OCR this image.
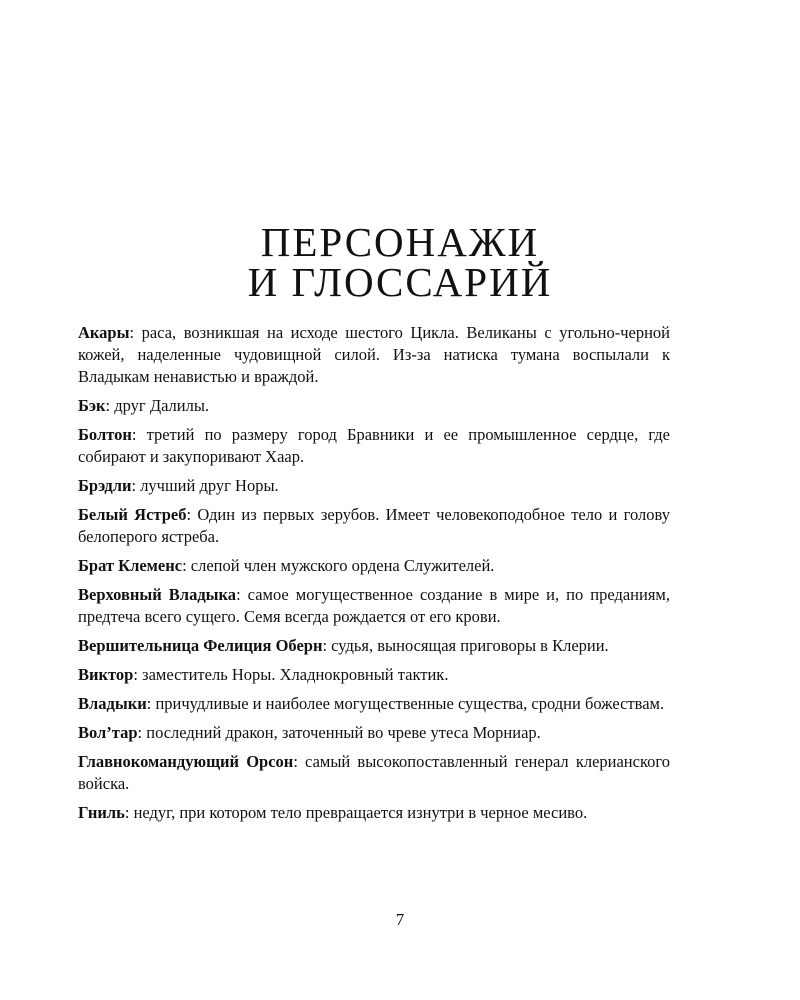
ПЕРСОНАЖИ
И ГЛОССАРИЙ
Акары: раса, возникшая на исходе шестого Цикла. Великаны с угольно-черной кожей, наделенные чудовищной силой. Из-за натиска тумана воспылали к Владыкам ненавистью и враждой.
Бэк: друг Далилы.
Болтон: третий по размеру город Бравники и ее промышленное сердце, где собирают и закупоривают Хаар.
Брэдли: лучший друг Норы.
Белый Ястреб: Один из первых зерубов. Имеет человекоподобное тело и голову белоперого ястреба.
Брат Клеменс: слепой член мужского ордена Служителей.
Верховный Владыка: самое могущественное создание в мире и, по преданиям, предтеча всего сущего. Семя всегда рождается от его крови.
Вершительница Фелиция Оберн: судья, выносящая приговоры в Клерии.
Виктор: заместитель Норы. Хладнокровный тактик.
Владыки: причудливые и наиболее могущественные существа, сродни божествам.
Вол’тар: последний дракон, заточенный во чреве утеса Морниар.
Главнокомандующий Орсон: самый высокопоставленный генерал клерианского войска.
Гниль: недуг, при котором тело превращается изнутри в черное месиво.
7
